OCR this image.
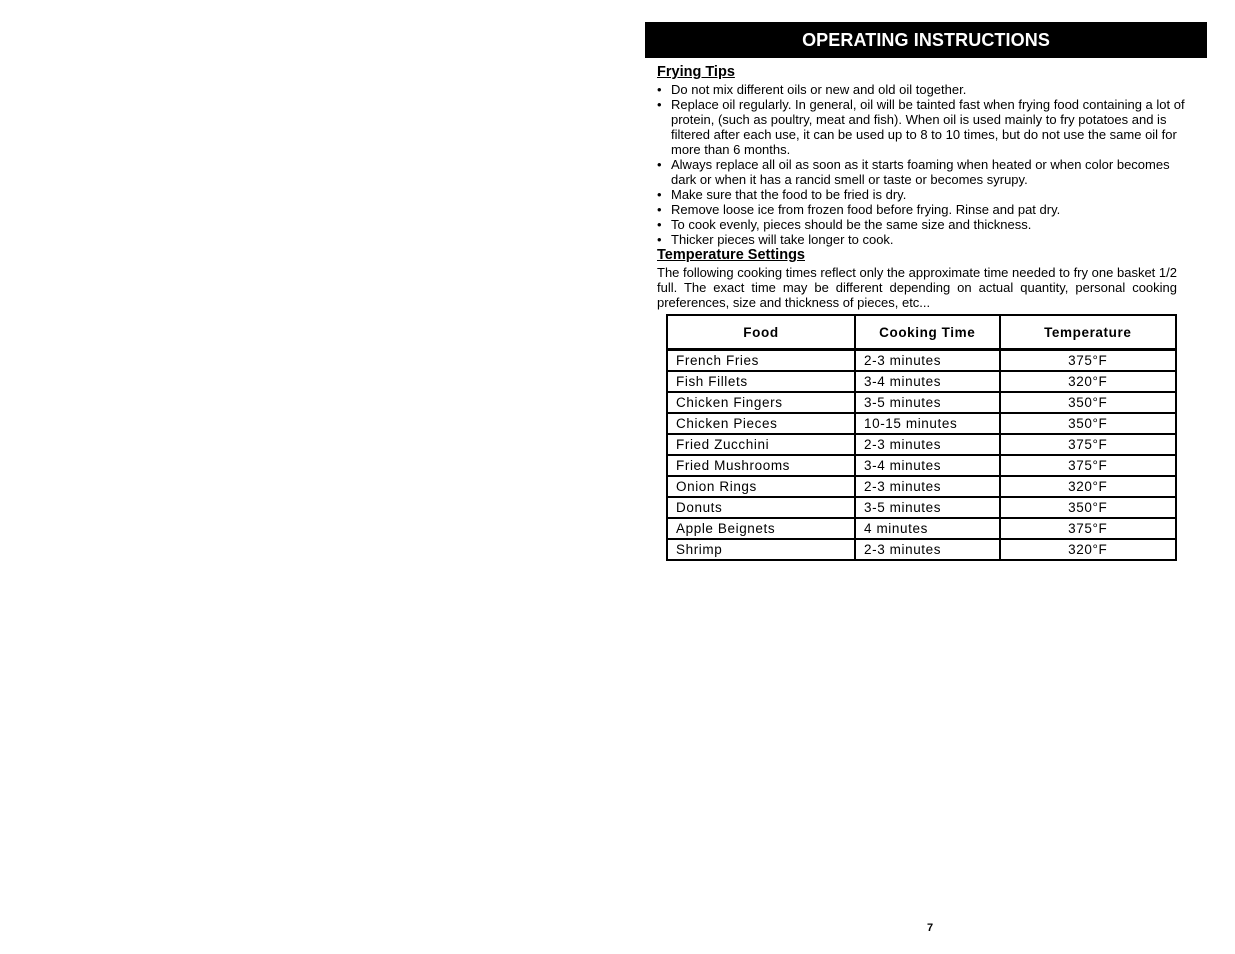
OPERATING INSTRUCTIONS
Frying Tips
• Do not mix different oils or new and old oil together.
• Replace oil regularly. In general, oil will be tainted fast when frying food containing a lot of protein, (such as poultry, meat and fish). When oil is used mainly to fry potatoes and is filtered after each use, it can be used up to 8 to 10 times, but do not use the same oil for more than 6 months.
• Always replace all oil as soon as it starts foaming when heated or when color becomes dark or when it has a rancid smell or taste or becomes syrupy.
• Make sure that the food to be fried is dry.
• Remove loose ice from frozen food before frying. Rinse and pat dry.
• To cook evenly, pieces should be the same size and thickness.
• Thicker pieces will take longer to cook.
Temperature Settings

The following cooking times reflect only the approximate time needed to fry one basket 1/2 full. The exact time may be different depending on actual quantity, personal cooking preferences, size and thickness of pieces, etc...

Food	Cooking Time	Temperature
French Fries	2-3 minutes	375°F
Fish Fillets	3-4 minutes	320°F
Chicken Fingers	3-5 minutes	350°F
Chicken Pieces	10-15 minutes	350°F
Fried Zucchini	2-3 minutes	375°F
Fried Mushrooms	3-4 minutes	375°F
Onion Rings	2-3 minutes	320°F
Donuts	3-5 minutes	350°F
Apple Beignets	4 minutes	375°F
Shrimp	2-3 minutes	320°F
7
